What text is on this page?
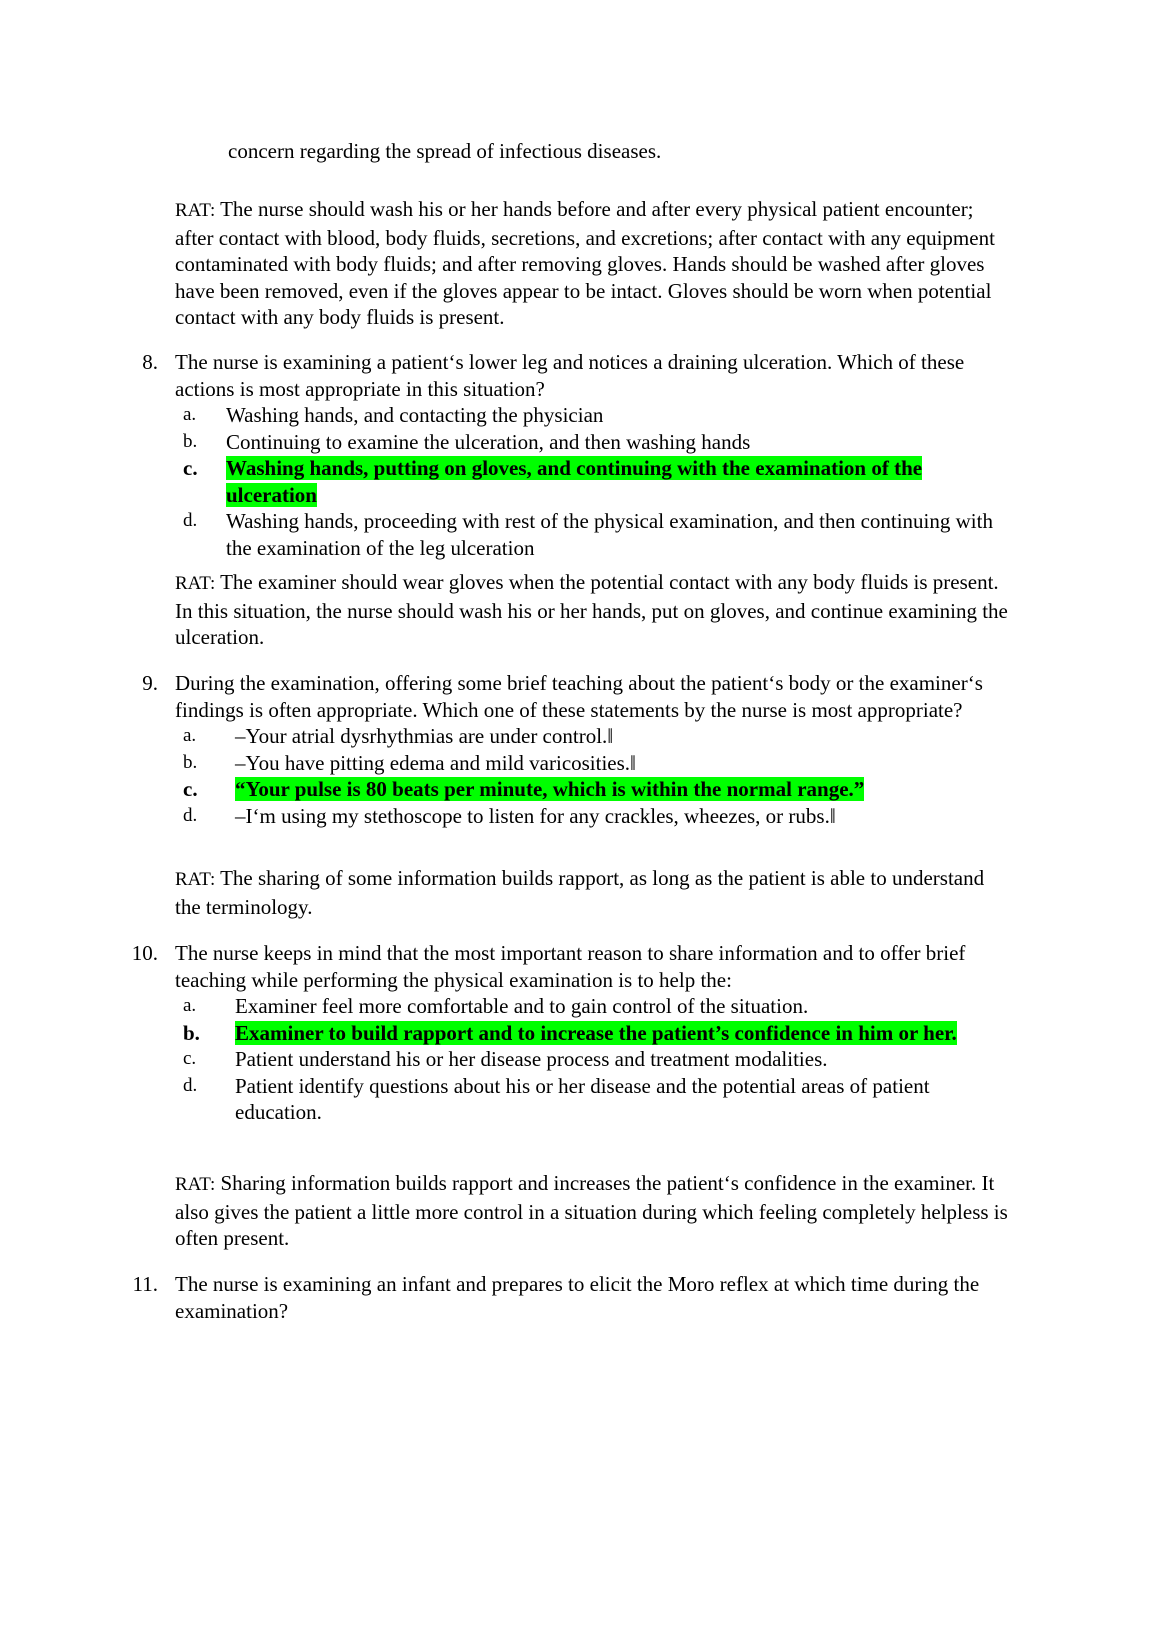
concern regarding the spread of infectious diseases.

RAT: The nurse should wash his or her hands before and after every physical patient encounter; after contact with blood, body fluids, secretions, and excretions; after contact with any equipment contaminated with body fluids; and after removing gloves. Hands should be washed after gloves have been removed, even if the gloves appear to be intact. Gloves should be worn when potential contact with any body fluids is present.

8. The nurse is examining a patient‘s lower leg and notices a draining ulceration. Which of these actions is most appropriate in this situation?
a. Washing hands, and contacting the physician
b. Continuing to examine the ulceration, and then washing hands
c. Washing hands, putting on gloves, and continuing with the examination of the ulceration
d. Washing hands, proceeding with rest of the physical examination, and then continuing with the examination of the leg ulceration

RAT: The examiner should wear gloves when the potential contact with any body fluids is present. In this situation, the nurse should wash his or her hands, put on gloves, and continue examining the ulceration.

9. During the examination, offering some brief teaching about the patient‘s body or the examiner‘s findings is often appropriate. Which one of these statements by the nurse is most appropriate?
a. ‒Your atrial dysrhythmias are under control.‖
b. ‒You have pitting edema and mild varicosities.‖
c. “Your pulse is 80 beats per minute, which is within the normal range.”
d. ‒I‘m using my stethoscope to listen for any crackles, wheezes, or rubs.‖

RAT: The sharing of some information builds rapport, as long as the patient is able to understand the terminology.

10. The nurse keeps in mind that the most important reason to share information and to offer brief teaching while performing the physical examination is to help the:
a. Examiner feel more comfortable and to gain control of the situation.
b. Examiner to build rapport and to increase the patient’s confidence in him or her.
c. Patient understand his or her disease process and treatment modalities.
d. Patient identify questions about his or her disease and the potential areas of patient education.

RAT: Sharing information builds rapport and increases the patient‘s confidence in the examiner. It also gives the patient a little more control in a situation during which feeling completely helpless is often present.

11. The nurse is examining an infant and prepares to elicit the Moro reflex at which time during the examination?
